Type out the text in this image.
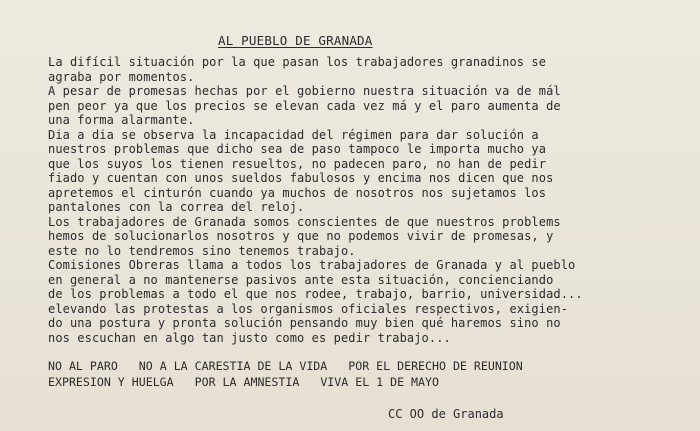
AL PUEBLO DE GRANADA
La difícil situación por la que pasan los trabajadores granadinos se
agraba por momentos.
A pesar de promesas hechas por el gobierno nuestra situación va de mál
pen peor ya que los precios se elevan cada vez má y el paro aumenta de
una forma alarmante.
Dia a dia se observa la incapacidad del régimen para dar solución a
nuestros problemas que dicho sea de paso tampoco le importa mucho ya
que los suyos los tienen resueltos, no padecen paro, no han de pedir
fiado y cuentan con unos sueldos fabulosos y encima nos dicen que nos
apretemos el cinturón cuando ya muchos de nosotros nos sujetamos los
pantalones con la correa del reloj.
Los trabajadores de Granada somos conscientes de que nuestros problems
hemos de solucionarlos nosotros y que no podemos vivir de promesas, y
este no lo tendremos sino tenemos trabajo.
Comisiones Obreras llama a todos los trabajadores de Granada y al pueblo
en general a no mantenerse pasivos ante esta situación, concienciando
de los problemas a todo el que nos rodee, trabajo, barrio, universidad...
elevando las protestas a los organismos oficiales respectivos, exigien-
do una postura y pronta solución pensando muy bien qué haremos sino no
nos escuchan en algo tan justo como es pedir trabajo...
NO AL PARO NO A LA CARESTIA DE LA VIDA POR EL DERECHO DE REUNION
EXPRESION Y HUELGA POR LA AMNESTIA VIVA EL 1 DE MAYO
CC OO de Granada
